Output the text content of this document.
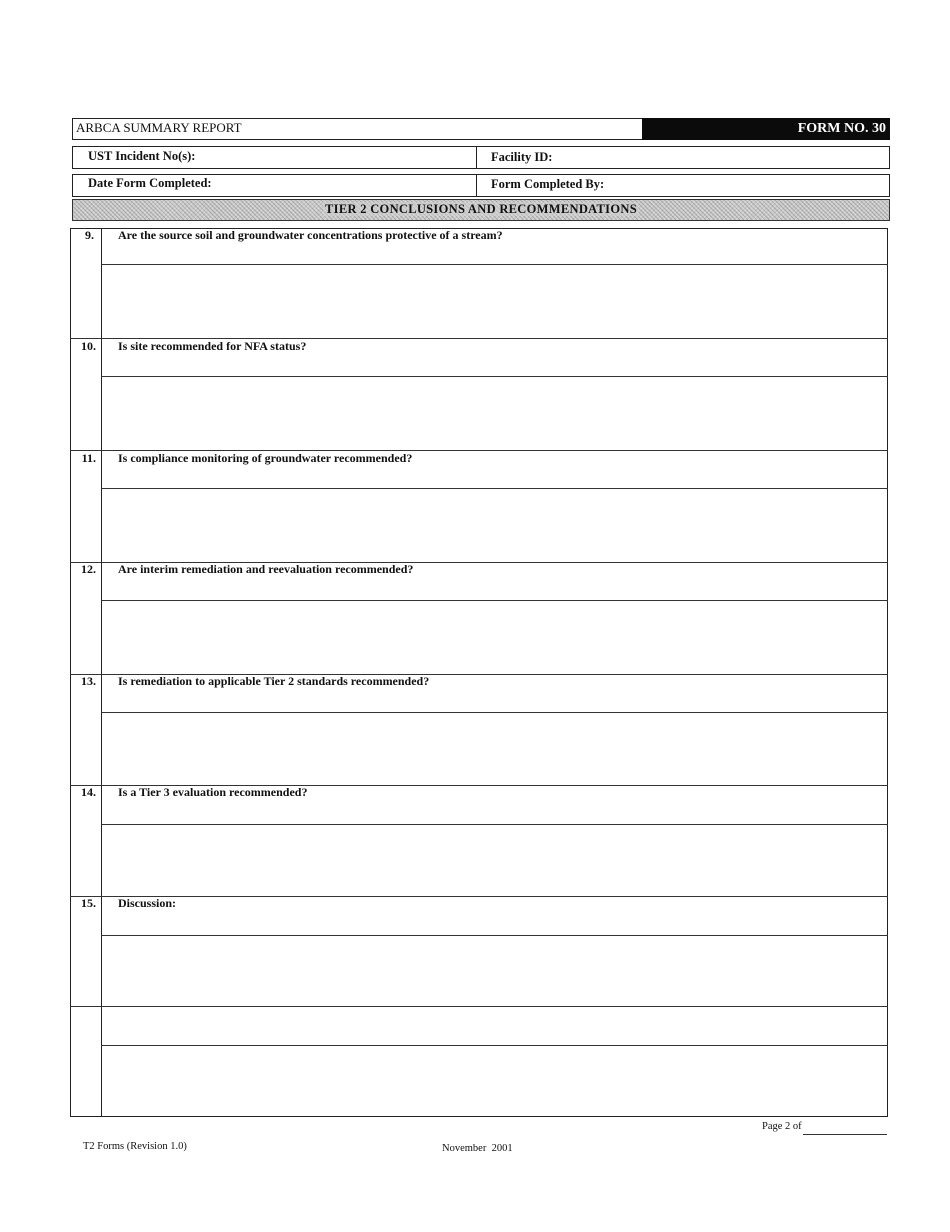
ARBCA SUMMARY REPORT	FORM NO. 30
UST Incident No(s):	Facility ID:
Date Form Completed:	Form Completed By:
TIER 2 CONCLUSIONS AND RECOMMENDATIONS
9. Are the source soil and groundwater concentrations protective of a stream?
10. Is site recommended for NFA status?
11. Is compliance monitoring of groundwater recommended?
12. Are interim remediation and reevaluation recommended?
13. Is remediation to applicable Tier 2 standards recommended?
14. Is a Tier 3 evaluation recommended?
15. Discussion:
Page 2 of
T2 Forms (Revision 1.0)	November  2001
